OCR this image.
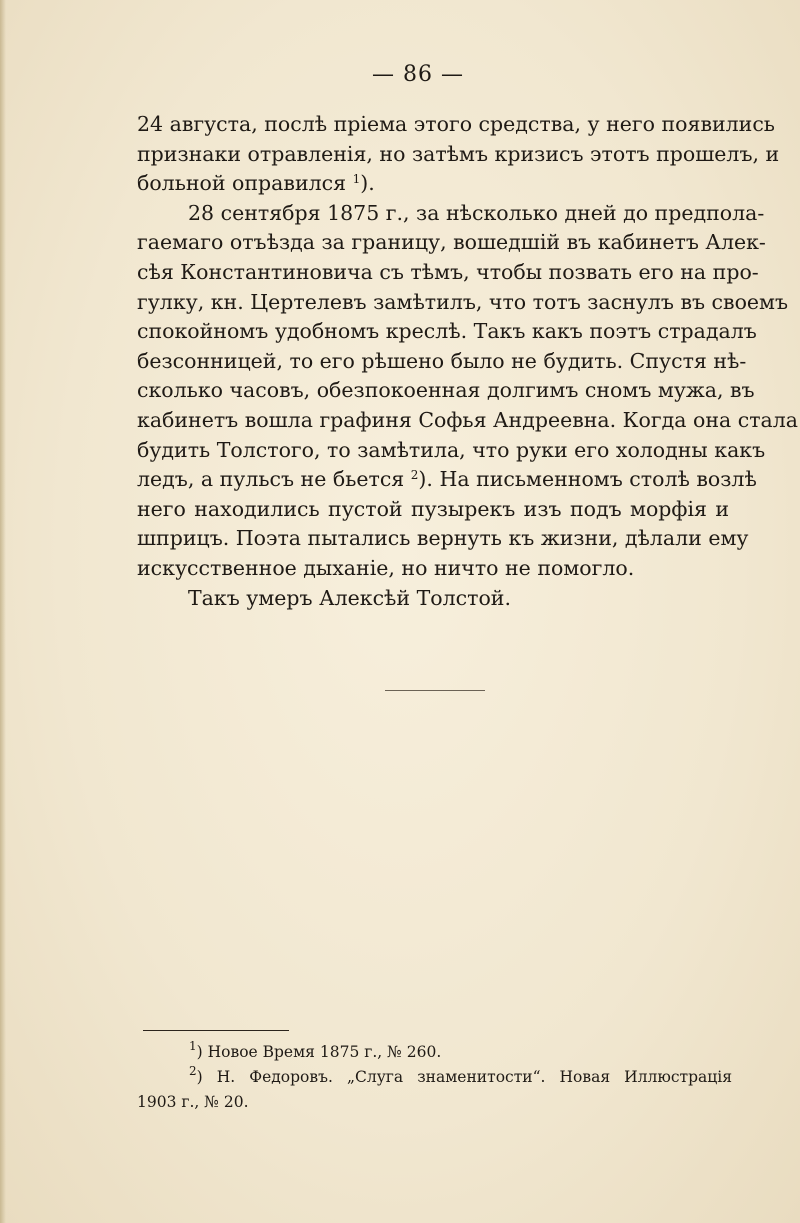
— 86 —

24 августа, послѣ пріема этого средства, у него появились
признаки отравленія, но затѣмъ кризисъ этотъ прошелъ, и
больной оправился $^1$).

28 сентября 1875 г., за нѣсколько дней до предпола-
гаемаго отъѣзда за границу, вошедшій въ кабинетъ Алек-
сѣя Константиновича съ тѣмъ, чтобы позвать его на про-
гулку, кн. Цертелевъ замѣтилъ, что тотъ заснулъ въ своемъ
спокойномъ удобномъ креслѣ. Такъ какъ поэтъ страдалъ
безсонницей, то его рѣшено было не будить. Спустя нѣ-
сколько часовъ, обезпокоенная долгимъ сномъ мужа, въ
кабинетъ вошла графиня Софья Андреевна. Когда она стала
будить Толстого, то замѣтила, что руки его холодны какъ
ледъ, а пульсъ не бьется $^2$). На письменномъ столѣ возлѣ
него находились пустой пузырекъ изъ подъ морфія и
шприцъ. Поэта пытались вернуть къ жизни, дѣлали ему
искусственное дыханіе, но ничто не помогло.

Такъ умеръ Алексѣй Толстой.

$^1$) Новое Время 1875 г., № 260.
$^2$) Н. Федоровъ. „Слуга знаменитости“. Новая Иллюстрація
1903 г., № 20.
